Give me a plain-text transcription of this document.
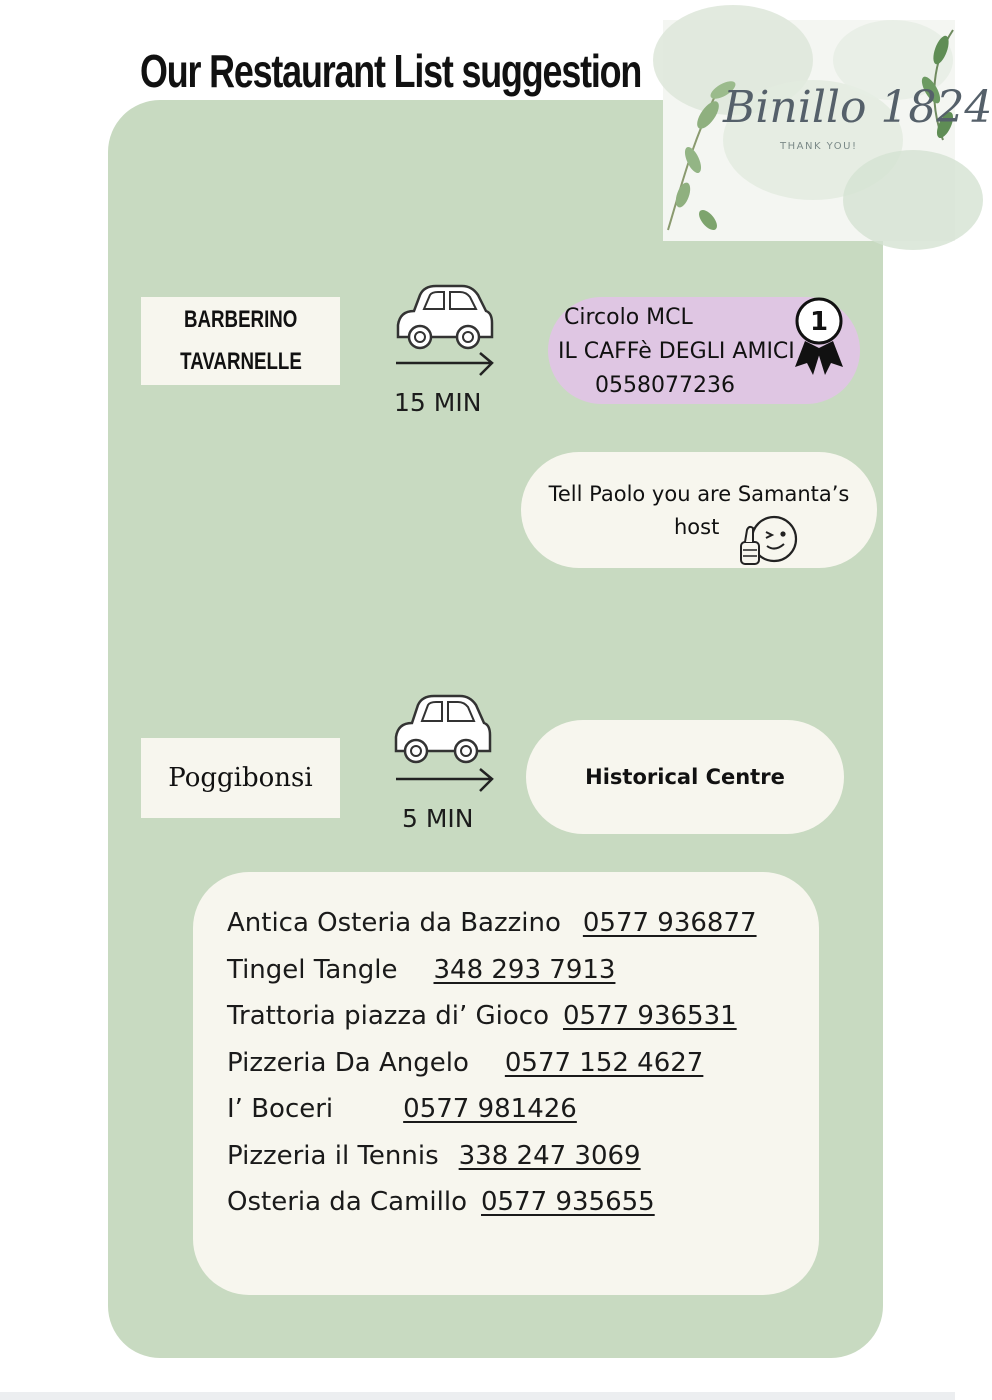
Our Restaurant List suggestion
Binillo 1824
THANK YOU!
BARBERINO
TAVARNELLE
15 MIN
Circolo MCL
IL CAFFè DEGLI AMICI
0558077236
1
Tell Paolo you are Samanta’s
host
Poggibonsi
5 MIN
Historical Centre
Antica Osteria da Bazzino 0577 936877
Tingel Tangle 348 293 7913
Trattoria piazza di’ Gioco 0577 936531
Pizzeria Da Angelo 0577 152 4627
I’ Boceri	0577 981426
Pizzeria il Tennis 338 247 3069
Osteria da Camillo 0577 935655
